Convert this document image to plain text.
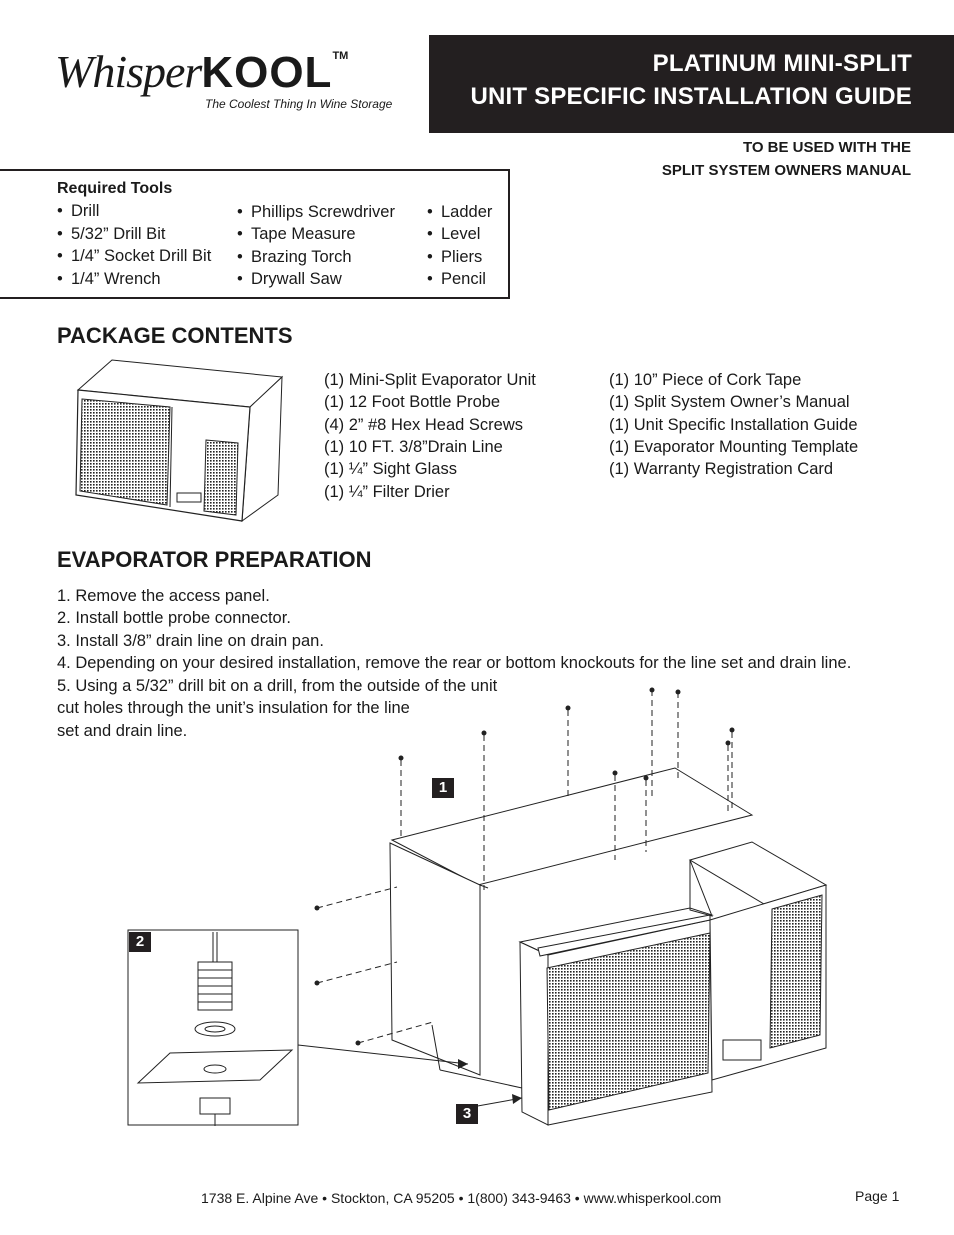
WhisperKOOL™
The Coolest Thing In Wine Storage
PLATINUM MINI-SPLIT
UNIT SPECIFIC INSTALLATION GUIDE
TO BE USED WITH THE
SPLIT SYSTEM OWNERS MANUAL
Required Tools
• Drill
• 5/32” Drill Bit
• 1/4” Socket Drill Bit
• 1/4” Wrench
• Phillips Screwdriver
• Tape Measure
• Brazing Torch
• Drywall Saw
• Ladder
• Level
• Pliers
• Pencil
PACKAGE CONTENTS
(1) Mini-Split Evaporator Unit
(1) 12 Foot Bottle Probe
(4) 2” #8 Hex Head Screws
(1) 10 FT. 3/8”Drain Line
(1) ¼” Sight Glass
(1) ¼” Filter Drier
(1) 10” Piece of Cork Tape
(1) Split System Owner’s Manual
(1) Unit Specific Installation Guide
(1) Evaporator Mounting Template
(1) Warranty Registration Card
EVAPORATOR PREPARATION
1. Remove the access panel.
2. Install bottle probe connector.
3. Install 3/8” drain line on drain pan.
4. Depending on your desired installation, remove the rear or bottom knockouts for the line set and drain line.
5. Using a 5/32” drill bit on a drill, from the outside of the unit
cut holes through the unit’s insulation for the line
set and drain line.
1
2
3
1738 E. Alpine Ave • Stockton, CA 95205 • 1(800) 343-9463 • www.whisperkool.com	Page 1
